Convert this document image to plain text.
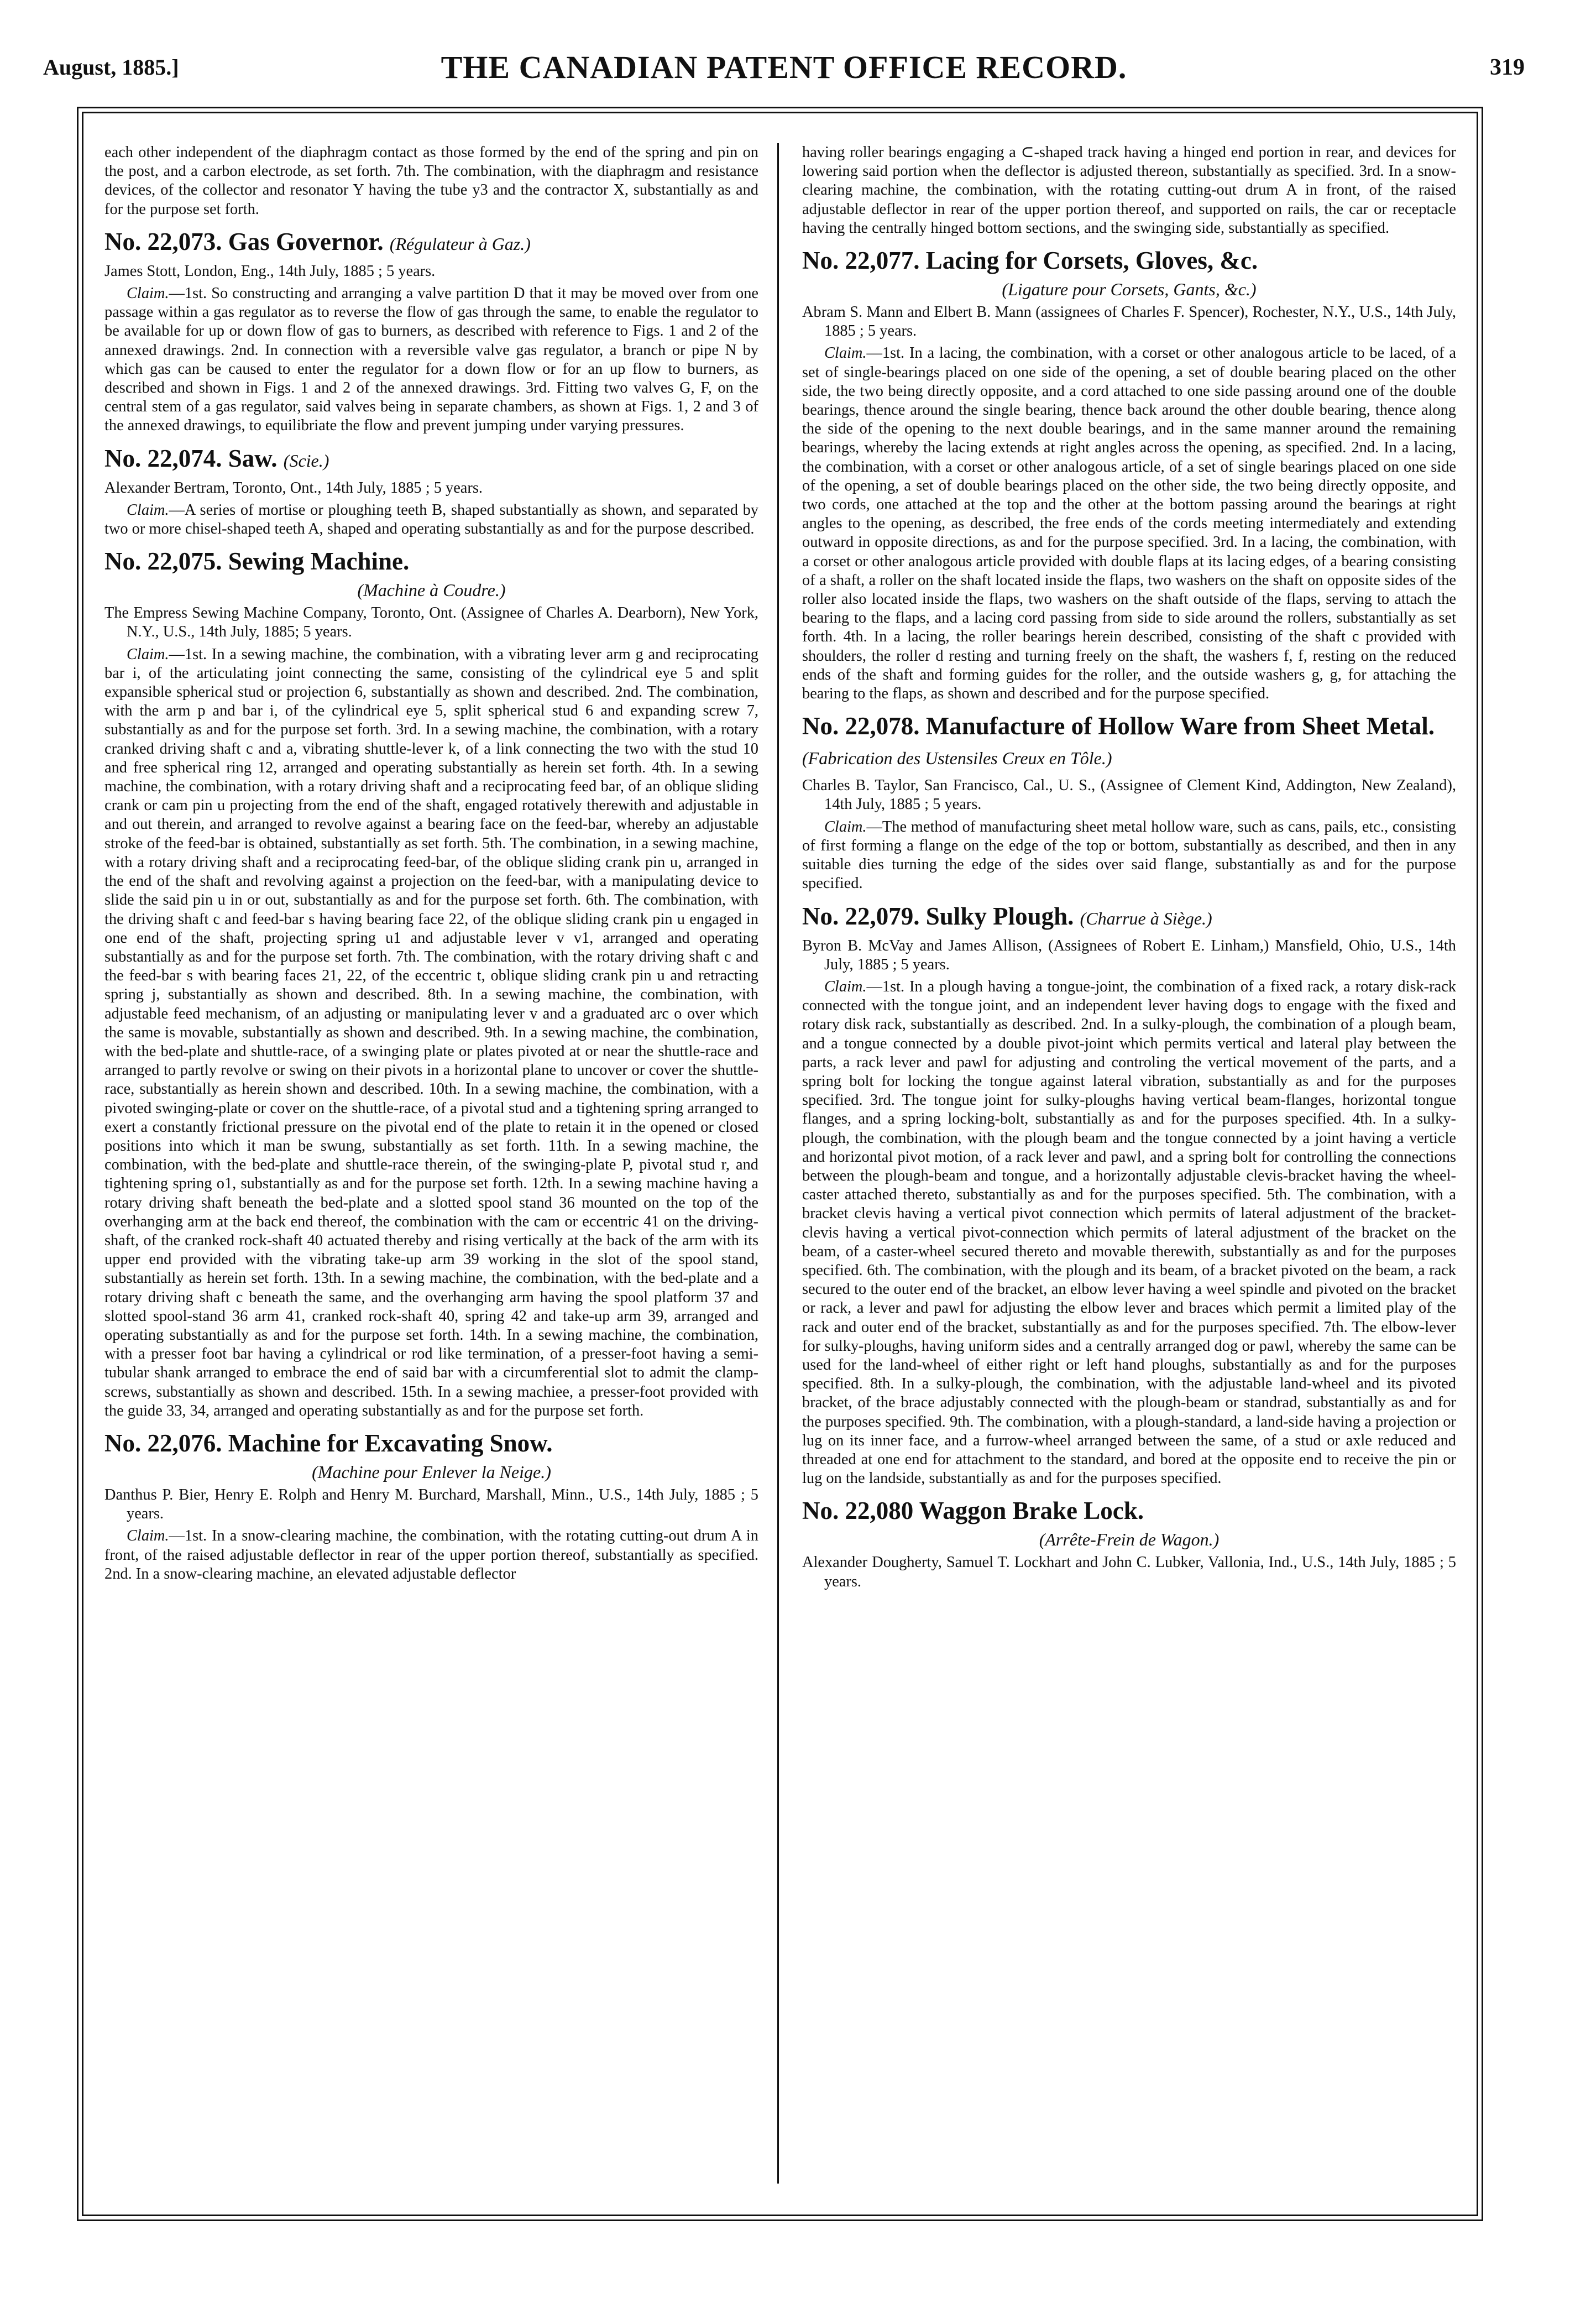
August, 1885.]	THE CANADIAN PATENT OFFICE RECORD.	319

each other independent of the diaphragm contact as those formed by the end of the spring and pin on the post, and a carbon electrode, as set forth. 7th. The combination, with the diaphragm and resistance devices, of the collector and resonator Y having the tube y3 and the contractor X, substantially as and for the purpose set forth.

No. 22,073. Gas Governor. (Régulateur à Gaz.)

James Stott, London, Eng., 14th July, 1885 ; 5 years.

Claim.—1st. So constructing and arranging a valve partition D that it may be moved over from one passage within a gas regulator as to reverse the flow of gas through the same, to enable the regulator to be available for up or down flow of gas to burners, as described with reference to Figs. 1 and 2 of the annexed drawings. 2nd. In connection with a reversible valve gas regulator, a branch or pipe N by which gas can be caused to enter the regulator for a down flow or for an up flow to burners, as described and shown in Figs. 1 and 2 of the annexed drawings. 3rd. Fitting two valves G, F, on the central stem of a gas regulator, said valves being in separate chambers, as shown at Figs. 1, 2 and 3 of the annexed drawings, to equilibriate the flow and prevent jumping under varying pressures.

No. 22,074. Saw. (Scie.)

Alexander Bertram, Toronto, Ont., 14th July, 1885 ; 5 years.

Claim.—A series of mortise or ploughing teeth B, shaped substantially as shown, and separated by two or more chisel-shaped teeth A, shaped and operating substantially as and for the purpose described.

No. 22,075. Sewing Machine.

(Machine à Coudre.)

The Empress Sewing Machine Company, Toronto, Ont. (Assignee of Charles A. Dearborn), New York, N.Y., U.S., 14th July, 1885; 5 years.

Claim.—1st. In a sewing machine, the combination, with a vibrating lever arm g and reciprocating bar i, of the articulating joint connecting the same, consisting of the cylindrical eye 5 and split expansible spherical stud or projection 6, substantially as shown and described. 2nd. The combination, with the arm p and bar i, of the cylindrical eye 5, split spherical stud 6 and expanding screw 7, substantially as and for the purpose set forth. 3rd. In a sewing machine, the combination, with a rotary cranked driving shaft c and a, vibrating shuttle-lever k, of a link connecting the two with the stud 10 and free spherical ring 12, arranged and operating substantially as herein set forth. 4th. In a sewing machine, the combination, with a rotary driving shaft and a reciprocating feed bar, of an oblique sliding crank or cam pin u projecting from the end of the shaft, engaged rotatively therewith and adjustable in and out therein, and arranged to revolve against a bearing face on the feed-bar, whereby an adjustable stroke of the feed-bar is obtained, substantially as set forth. 5th. The combination, in a sewing machine, with a rotary driving shaft and a reciprocating feed-bar, of the oblique sliding crank pin u, arranged in the end of the shaft and revolving against a projection on the feed-bar, with a manipulating device to slide the said pin u in or out, substantially as and for the purpose set forth. 6th. The combination, with the driving shaft c and feed-bar s having bearing face 22, of the oblique sliding crank pin u engaged in one end of the shaft, projecting spring u1 and adjustable lever v v1, arranged and operating substantially as and for the purpose set forth. 7th. The combination, with the rotary driving shaft c and the feed-bar s with bearing faces 21, 22, of the eccentric t, oblique sliding crank pin u and retracting spring j, substantially as shown and described. 8th. In a sewing machine, the combination, with adjustable feed mechanism, of an adjusting or manipulating lever v and a graduated arc o over which the same is movable, substantially as shown and described. 9th. In a sewing machine, the combination, with the bed-plate and shuttle-race, of a swinging plate or plates pivoted at or near the shuttle-race and arranged to partly revolve or swing on their pivots in a horizontal plane to uncover or cover the shuttle-race, substantially as herein shown and described. 10th. In a sewing machine, the combination, with a pivoted swinging-plate or cover on the shuttle-race, of a pivotal stud and a tightening spring arranged to exert a constantly frictional pressure on the pivotal end of the plate to retain it in the opened or closed positions into which it man be swung, substantially as set forth. 11th. In a sewing machine, the combination, with the bed-plate and shuttle-race therein, of the swinging-plate P, pivotal stud r, and tightening spring o1, substantially as and for the purpose set forth. 12th. In a sewing machine having a rotary driving shaft beneath the bed-plate and a slotted spool stand 36 mounted on the top of the overhanging arm at the back end thereof, the combination with the cam or eccentric 41 on the driving-shaft, of the cranked rock-shaft 40 actuated thereby and rising vertically at the back of the arm with its upper end provided with the vibrating take-up arm 39 working in the slot of the spool stand, substantially as herein set forth. 13th. In a sewing machine, the combination, with the bed-plate and a rotary driving shaft c beneath the same, and the overhanging arm having the spool platform 37 and slotted spool-stand 36 arm 41, cranked rock-shaft 40, spring 42 and take-up arm 39, arranged and operating substantially as and for the purpose set forth. 14th. In a sewing machine, the combination, with a presser foot bar having a cylindrical or rod like termination, of a presser-foot having a semi-tubular shank arranged to embrace the end of said bar with a circumferential slot to admit the clamp-screws, substantially as shown and described. 15th. In a sewing machiee, a presser-foot provided with the guide 33, 34, arranged and operating substantially as and for the purpose set forth.

No. 22,076. Machine for Excavating Snow.

(Machine pour Enlever la Neige.)

Danthus P. Bier, Henry E. Rolph and Henry M. Burchard, Marshall, Minn., U.S., 14th July, 1885 ; 5 years.

Claim.—1st. In a snow-clearing machine, the combination, with the rotating cutting-out drum A in front, of the raised adjustable deflector in rear of the upper portion thereof, substantially as specified. 2nd. In a snow-clearing machine, an elevated adjustable deflector

having roller bearings engaging a ⊂-shaped track having a hinged end portion in rear, and devices for lowering said portion when the deflector is adjusted thereon, substantially as specified. 3rd. In a snow-clearing machine, the combination, with the rotating cutting-out drum A in front, of the raised adjustable deflector in rear of the upper portion thereof, and supported on rails, the car or receptacle having the centrally hinged bottom sections, and the swinging side, substantially as specified.

No. 22,077. Lacing for Corsets, Gloves, &c.

(Ligature pour Corsets, Gants, &c.)

Abram S. Mann and Elbert B. Mann (assignees of Charles F. Spencer), Rochester, N.Y., U.S., 14th July, 1885 ; 5 years.

Claim.—1st. In a lacing, the combination, with a corset or other analogous article to be laced, of a set of single-bearings placed on one side of the opening, a set of double bearing placed on the other side, the two being directly opposite, and a cord attached to one side passing around one of the double bearings, thence around the single bearing, thence back around the other double bearing, thence along the side of the opening to the next double bearings, and in the same manner around the remaining bearings, whereby the lacing extends at right angles across the opening, as specified. 2nd. In a lacing, the combination, with a corset or other analogous article, of a set of single bearings placed on one side of the opening, a set of double bearings placed on the other side, the two being directly opposite, and two cords, one attached at the top and the other at the bottom passing around the bearings at right angles to the opening, as described, the free ends of the cords meeting intermediately and extending outward in opposite directions, as and for the purpose specified. 3rd. In a lacing, the combination, with a corset or other analogous article provided with double flaps at its lacing edges, of a bearing consisting of a shaft, a roller on the shaft located inside the flaps, two washers on the shaft on opposite sides of the roller also located inside the flaps, two washers on the shaft outside of the flaps, serving to attach the bearing to the flaps, and a lacing cord passing from side to side around the rollers, substantially as set forth. 4th. In a lacing, the roller bearings herein described, consisting of the shaft c provided with shoulders, the roller d resting and turning freely on the shaft, the washers f, f, resting on the reduced ends of the shaft and forming guides for the roller, and the outside washers g, g, for attaching the bearing to the flaps, as shown and described and for the purpose specified.

No. 22,078. Manufacture of Hollow Ware from Sheet Metal. (Fabrication des Ustensiles Creux en Tôle.)

Charles B. Taylor, San Francisco, Cal., U. S., (Assignee of Clement Kind, Addington, New Zealand), 14th July, 1885 ; 5 years.

Claim.—The method of manufacturing sheet metal hollow ware, such as cans, pails, etc., consisting of first forming a flange on the edge of the top or bottom, substantially as described, and then in any suitable dies turning the edge of the sides over said flange, substantially as and for the purpose specified.

No. 22,079. Sulky Plough. (Charrue à Siège.)

Byron B. McVay and James Allison, (Assignees of Robert E. Linham,) Mansfield, Ohio, U.S., 14th July, 1885 ; 5 years.

Claim.—1st. In a plough having a tongue-joint, the combination of a fixed rack, a rotary disk-rack connected with the tongue joint, and an independent lever having dogs to engage with the fixed and rotary disk rack, substantially as described. 2nd. In a sulky-plough, the combination of a plough beam, and a tongue connected by a double pivot-joint which permits vertical and lateral play between the parts, a rack lever and pawl for adjusting and controling the vertical movement of the parts, and a spring bolt for locking the tongue against lateral vibration, substantially as and for the purposes specified. 3rd. The tongue joint for sulky-ploughs having vertical beam-flanges, horizontal tongue flanges, and a spring locking-bolt, substantially as and for the purposes specified. 4th. In a sulky-plough, the combination, with the plough beam and the tongue connected by a joint having a verticle and horizontal pivot motion, of a rack lever and pawl, and a spring bolt for controlling the connections between the plough-beam and tongue, and a horizontally adjustable clevis-bracket having the wheel-caster attached thereto, substantially as and for the purposes specified. 5th. The combination, with a bracket clevis having a vertical pivot connection which permits of lateral adjustment of the bracket-clevis having a vertical pivot-connection which permits of lateral adjustment of the bracket on the beam, of a caster-wheel secured thereto and movable therewith, substantially as and for the purposes specified. 6th. The combination, with the plough and its beam, of a bracket pivoted on the beam, a rack secured to the outer end of the bracket, an elbow lever having a weel spindle and pivoted on the bracket or rack, a lever and pawl for adjusting the elbow lever and braces which permit a limited play of the rack and outer end of the bracket, substantially as and for the purposes specified. 7th. The elbow-lever for sulky-ploughs, having uniform sides and a centrally arranged dog or pawl, whereby the same can be used for the land-wheel of either right or left hand ploughs, substantially as and for the purposes specified. 8th. In a sulky-plough, the combination, with the adjustable land-wheel and its pivoted bracket, of the brace adjustably connected with the plough-beam or standrad, substantially as and for the purposes specified. 9th. The combination, with a plough-standard, a land-side having a projection or lug on its inner face, and a furrow-wheel arranged between the same, of a stud or axle reduced and threaded at one end for attachment to the standard, and bored at the opposite end to receive the pin or lug on the landside, substantially as and for the purposes specified.

No. 22,080 Waggon Brake Lock.

(Arrête-Frein de Wagon.)

Alexander Dougherty, Samuel T. Lockhart and John C. Lubker, Vallonia, Ind., U.S., 14th July, 1885 ; 5 years.
